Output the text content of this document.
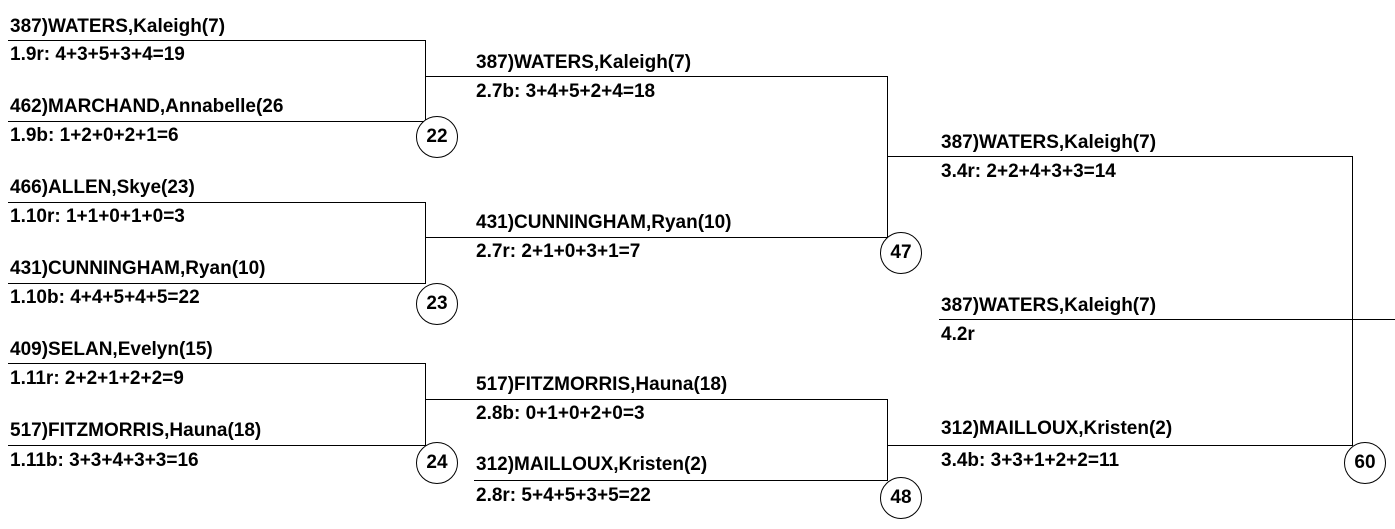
387)WATERS,Kaleigh(7)
1.9r: 4+3+5+3+4=19
462)MARCHAND,Annabelle(26
1.9b: 1+2+0+2+1=6	22
466)ALLEN,Skye(23)
1.10r: 1+1+0+1+0=3
431)CUNNINGHAM,Ryan(10)
1.10b: 4+4+5+4+5=22	23
409)SELAN,Evelyn(15)
1.11r: 2+2+1+2+2=9
517)FITZMORRIS,Hauna(18)
1.11b: 3+3+4+3+3=16	24
387)WATERS,Kaleigh(7)
2.7b: 3+4+5+2+4=18
431)CUNNINGHAM,Ryan(10)
2.7r: 2+1+0+3+1=7	47
517)FITZMORRIS,Hauna(18)
2.8b: 0+1+0+2+0=3
312)MAILLOUX,Kristen(2)
2.8r: 5+4+5+3+5=22	48
387)WATERS,Kaleigh(7)
3.4r: 2+2+4+3+3=14
312)MAILLOUX,Kristen(2)
3.4b: 3+3+1+2+2=11	60
387)WATERS,Kaleigh(7)
4.2r
